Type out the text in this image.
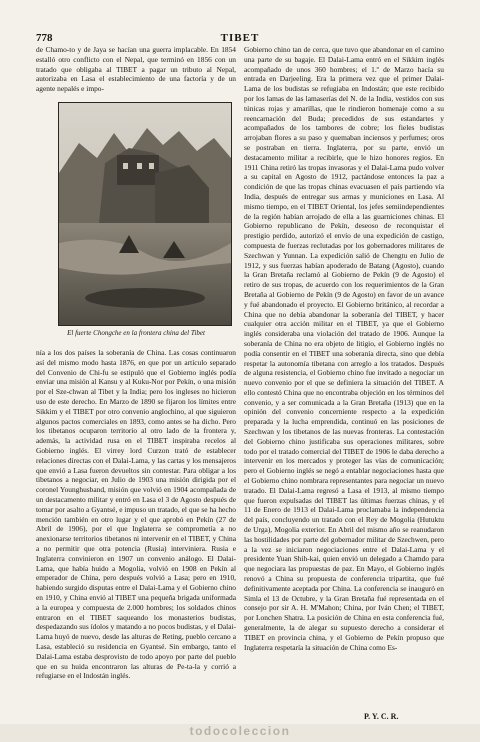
778	TIBET

de Chamo-to y de Jaya se hacían una guerra implacable. En 1854 estalló otro conflicto con el Nepal, que terminó en 1856 con un tratado que obligaba al TIBET a pagar un tributo al Nepal, autorizaba en Lasa el establecimiento de una factoría y de un agente nepalés e impo-

El fuerte Chongche en la frontera china del Tibet

nía a los dos países la soberanía de China. Las cosas continuaron así del mismo modo hasta 1876, en que por un artículo separado del Convenio de Chi-fu se estipuló que el Gobierno inglés podía enviar una misión al Kansu y al Kuku-Nor por Pekín, o una misión por el Sze-chwan al Tibet y la India; pero los ingleses no hicieron uso de este derecho. En Marzo de 1890 se fijaron los límites entre Sikkim y el TIBET por otro convenio anglochino, al que siguieron algunos pactos comerciales en 1893, como antes se ha dicho. Pero los tibetanos ocuparon territorio al otro lado de la frontera y, además, la actividad rusa en el TIBET inspiraba recelos al Gobierno inglés. El virrey lord Curzon trató de establecer relaciones directas con el Dalai-Lama, y las cartas y los mensajeros que envió a Lasa fueron devueltos sin contestar. Para obligar a los tibetanos a negociar, en Julio de 1903 una misión dirigida por el coronel Younghusband, misión que volvió en 1904 acompañada de un destacamento militar y entró en Lasa el 3 de Agosto después de tomar por asalto a Gyantsé, e impuso un tratado, el que se ha hecho mención también en otro lugar y el que aprobó en Pekín (27 de Abril de 1906), por el que Inglaterra se comprometía a no anexionarse territorios tibetanos ni intervenir en el TIBET, y China a no permitir que otra potencia (Rusia) interviniera. Rusia e Inglaterra convinieron en 1907 un convenio análogo. El Dalai-Lama, que había huido a Mogolia, volvió en 1908 en Pekín al emperador de China, pero después volvió a Lasa; pero en 1910, habiendo surgido disputas entre el Dalai-Lama y el Gobierno chino en 1910, y China envió al TIBET una pequeña brigada uniformada a la europea y compuesta de 2.000 hombres; los soldados chinos entraron en el TIBET saqueando los monasterios budistas, despedazando sus ídolos y matando a no pocos budistas, y el Dalai-Lama huyó de nuevo, desde las alturas de Reting, pueblo cercano a Lasa, estableció su residencia en Gyantsé. Sin embargo, tanto el Dalai-Lama estaba desprovisto de todo apoyo por parte del pueblo que en su huida encontraron las alturas de Pe-ta-la y corrió a refugiarse en el Indostán inglés.

Gobierno chino tan de cerca, que tuvo que abandonar en el camino una parte de su bagaje. El Dalai-Lama entró en el Sikkim inglés acompañado de unos 360 hombres; el 1.º de Marzo hacía su entrada en Darjeeling. Era la primera vez que el primer Dalai-Lama de los budistas se refugiaba en Indostán; que este recibido por los lamas de las lamaserías del N. de la India, vestidos con sus túnicas rojas y amarillas, que le rindieron homenaje como a su reencarnación del Buda; precedidos de sus estandartes y acompañados de los tambores de cobre; los fieles budistas arrojaban flores a su paso y quemaban inciensos y perfumes; oros se postraban en tierra. Inglaterra, por su parte, envió un destacamento militar a recibirle, que le hizo honores regios. En 1911 China retiró las tropas invasoras y el Dalai-Lama pudo volver a su capital en Agosto de 1912, pactándose entonces la paz a condición de que las tropas chinas evacuasen el país partiendo vía India, después de entregar sus armas y municiones en Lasa. Al mismo tiempo, en el TIBET Oriental, los jefes semiindependientes de la región habían arrojado de ella a las guarniciones chinas. El Gobierno republicano de Pekín, deseoso de reconquistar el prestigio perdido, autorizó el envío de una expedición de castigo, compuesta de fuerzas reclutadas por los gobernadores militares de Szechwan y Yunnan. La expedición salió de Chengtu en Julio de 1912, y sus fuerzas habían apoderado de Batang (Agosto), cuando la Gran Bretaña reclamó al Gobierno de Pekín (9 de Agosto) el retiro de sus tropas, de acuerdo con los requerimientos de la Gran Bretaña al Gobierno de Pekín (9 de Agosto) en favor de un avance y fué abandonado el proyecto. El Gobierno británico, al recordar a China que no debía abandonar la soberanía del TIBET, y hacer cualquier otra acción militar en el TIBET, ya que el Gobierno inglés consideraba una violación del tratado de 1906. Aunque la soberanía de China no era objeto de litigio, el Gobierno inglés no podía consentir en el TIBET una soberanía directa, sino que debía respetar la autonomía tibetana con arreglo a los tratados. Después de alguna resistencia, el Gobierno chino fue invitado a negociar un nuevo convenio por el que se definiera la situación del TIBET. A ello contestó China que no encontraba objeción en los términos del convenio, y a ser comunicada a la Gran Bretaña (1913) que en la opinión del convenio concerniente respecto a la expedición preparada y la lucha emprendida, continuó en las posiciones de Szechwan y los tibetanos de las nuevas fronteras. La contestación del Gobierno chino justificaba sus operaciones militares, sobre todo por el tratado comercial del TIBET de 1906 le daba derecho a intervenir en los mercados y proteger las vías de comunicación; pero el Gobierno inglés se negó a entablar negociaciones hasta que el Gobierno chino nombrara representantes para negociar un nuevo tratado. El Dalai-Lama regresó a Lasa el 1913, al mismo tiempo que fueron expulsadas del TIBET las últimas fuerzas chinas, y el 11 de Enero de 1913 el Dalai-Lama proclamaba la independencia del país, concluyendo un tratado con el Rey de Mogolia (Hutuktu de Urga), Mogolia exterior. En Abril del mismo año se reanudaron las hostilidades por parte del gobernador militar de Szechwen, pero a la vez se iniciaron negociaciones entre el Dalai-Lama y el presidente Yuan Shih-kai, quien envió un delegado a Chamdo para que negociara las propuestas de paz. En Mayo, el Gobierno inglés renovó a China su propuesta de conferencia tripartita, que fué definitivamente aceptada por China. La conferencia se inauguró en Simla el 13 de Octubre, y la Gran Bretaña fué representada en el consejo por sir A. H. M'Mahon; China, por Iván Chen; el TIBET, por Lonchen Shatra. La posición de China en esta conferencia fué, generalmente, la de alegar su supuesto derecho a considerar el TIBET en provincia china, y el Gobierno de Pekín propuso que Inglaterra respetaría la situación de China como Es-

P. Y. C. R.
todocoleccion
